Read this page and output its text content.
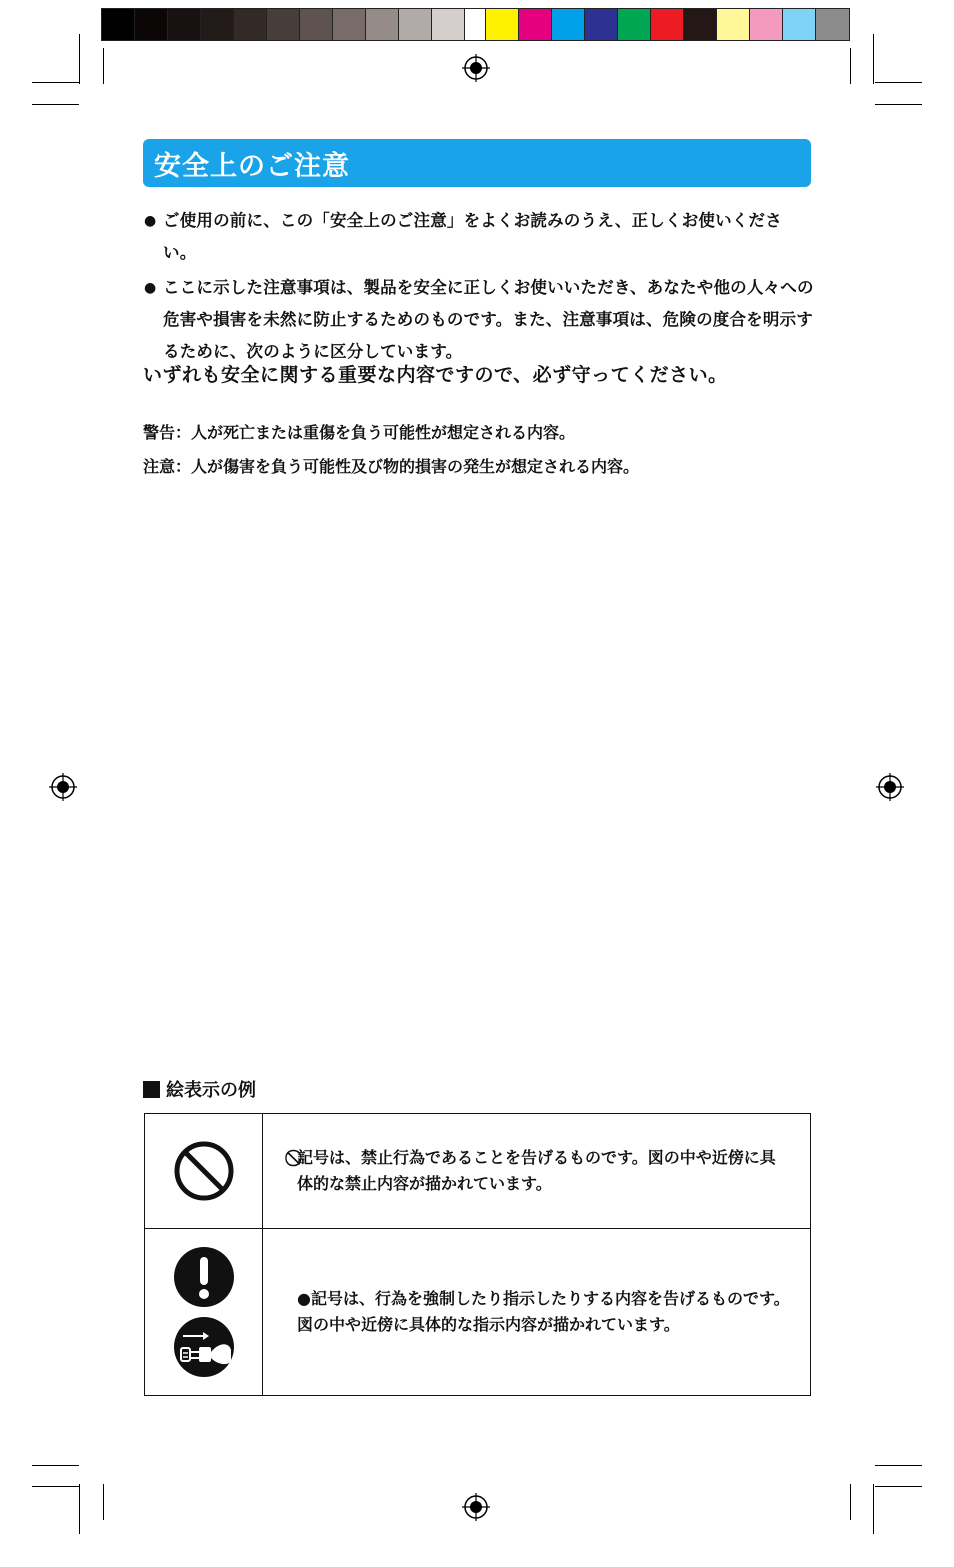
安全上のご注意
● ご使用の前に、この「安全上のご注意」をよくお読みのうえ、正しくお使いください。
● ここに示した注意事項は、製品を安全に正しくお使いいただき、あなたや他の人々への危害や損害を未然に防止するためのものです。また、注意事項は、危険の度合を明示するために、次のように区分しています。
いずれも安全に関する重要な内容ですので、必ず守ってください。
警告：人が死亡または重傷を負う可能性が想定される内容。
注意：人が傷害を負う可能性及び物的損害の発生が想定される内容。
絵表示の例
	⃠記号は、禁止行為であることを告げるものです。図の中や近傍に具体的な禁止内容が描かれています。

	●記号は、行為を強制したり指示したりする内容を告げるものです。図の中や近傍に具体的な指示内容が描かれています。
